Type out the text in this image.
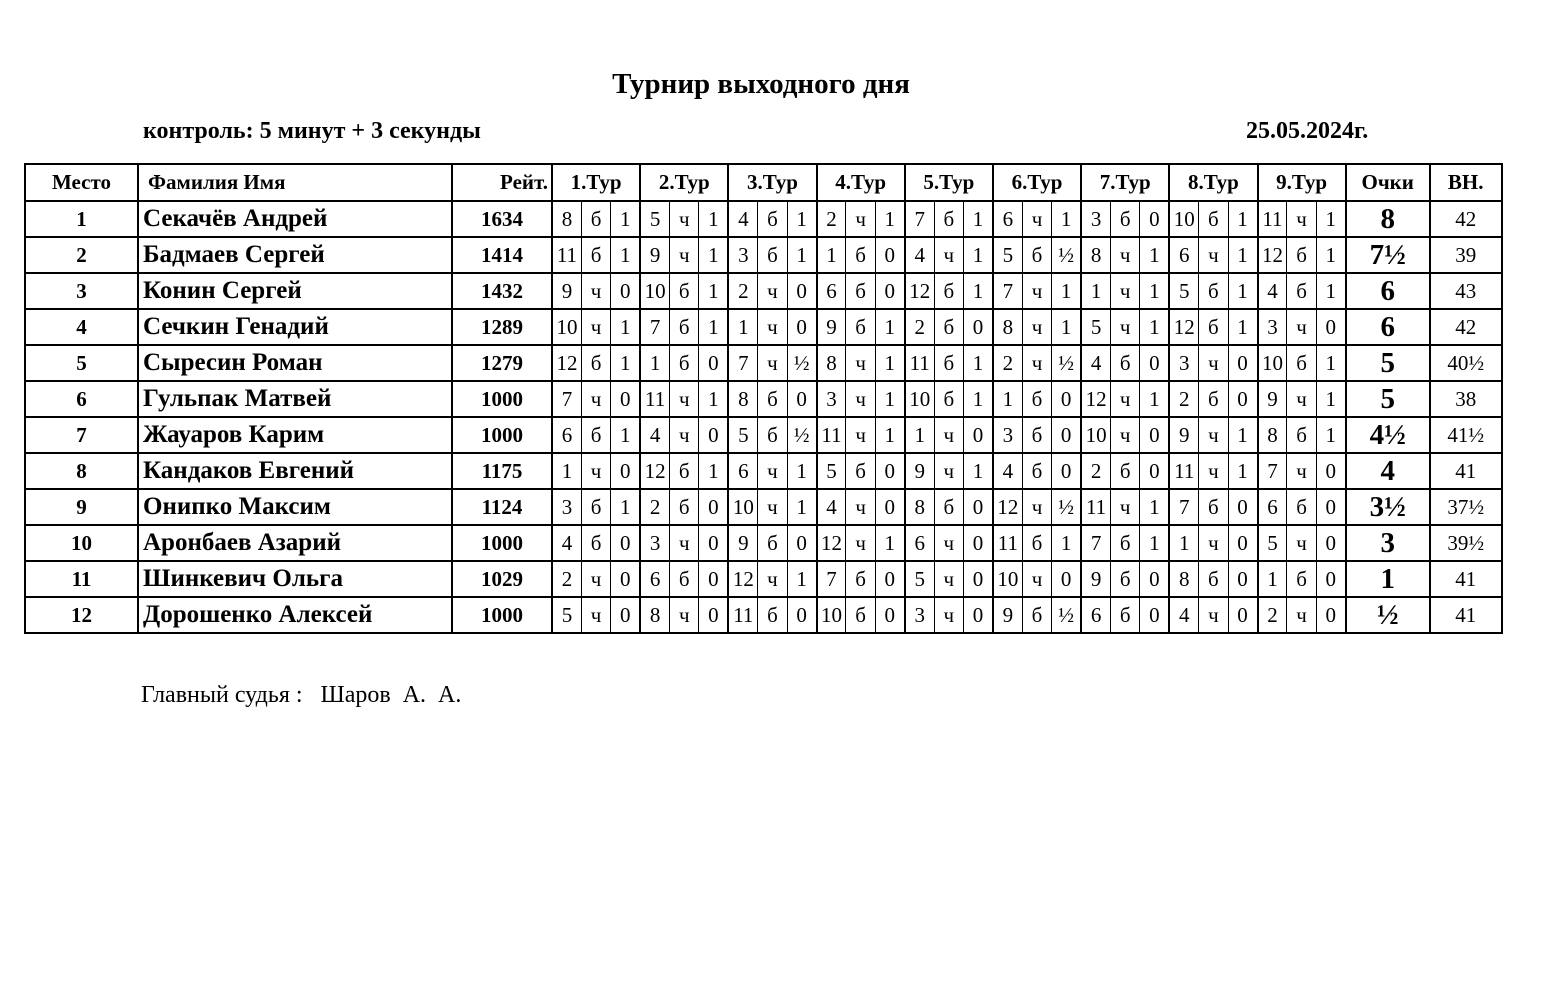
Турнир выходного дня
контроль: 5 минут + 3 секунды	25.05.2024г.
Место	Фамилия Имя	Рейт.	1.Тур			2.Тур			3.Тур			4.Тур			5.Тур			6.Тур			7.Тур			8.Тур			9.Тур			Очки	ВН.
1	Секачёв Андрей	1634	8	б	1	5	ч	1	4	б	1	2	ч	1	7	б	1	6	ч	1	3	б	0	10	б	1	11	ч	1	8	42
2	Бадмаев Сергей	1414	11	б	1	9	ч	1	3	б	1	1	б	0	4	ч	1	5	б	½	8	ч	1	6	ч	1	12	б	1	7½	39
3	Конин Сергей	1432	9	ч	0	10	б	1	2	ч	0	6	б	0	12	б	1	7	ч	1	1	ч	1	5	б	1	4	б	1	6	43
4	Сечкин Генадий	1289	10	ч	1	7	б	1	1	ч	0	9	б	1	2	б	0	8	ч	1	5	ч	1	12	б	1	3	ч	0	6	42
5	Сыресин Роман	1279	12	б	1	1	б	0	7	ч	½	8	ч	1	11	б	1	2	ч	½	4	б	0	3	ч	0	10	б	1	5	40½
6	Гульпак Матвей	1000	7	ч	0	11	ч	1	8	б	0	3	ч	1	10	б	1	1	б	0	12	ч	1	2	б	0	9	ч	1	5	38
7	Жауаров Карим	1000	6	б	1	4	ч	0	5	б	½	11	ч	1	1	ч	0	3	б	0	10	ч	0	9	ч	1	8	б	1	4½	41½
8	Кандаков Евгений	1175	1	ч	0	12	б	1	6	ч	1	5	б	0	9	ч	1	4	б	0	2	б	0	11	ч	1	7	ч	0	4	41
9	Онипко Максим	1124	3	б	1	2	б	0	10	ч	1	4	ч	0	8	б	0	12	ч	½	11	ч	1	7	б	0	6	б	0	3½	37½
10	Аронбаев Азарий	1000	4	б	0	3	ч	0	9	б	0	12	ч	1	6	ч	0	11	б	1	7	б	1	1	ч	0	5	ч	0	3	39½
11	Шинкевич Ольга	1029	2	ч	0	6	б	0	12	ч	1	7	б	0	5	ч	0	10	ч	0	9	б	0	8	б	0	1	б	0	1	41
12	Дорошенко Алексей	1000	5	ч	0	8	ч	0	11	б	0	10	б	0	3	ч	0	9	б	½	6	б	0	4	ч	0	2	ч	0	½	41
Главный судья :   Шаров  А.  А.
